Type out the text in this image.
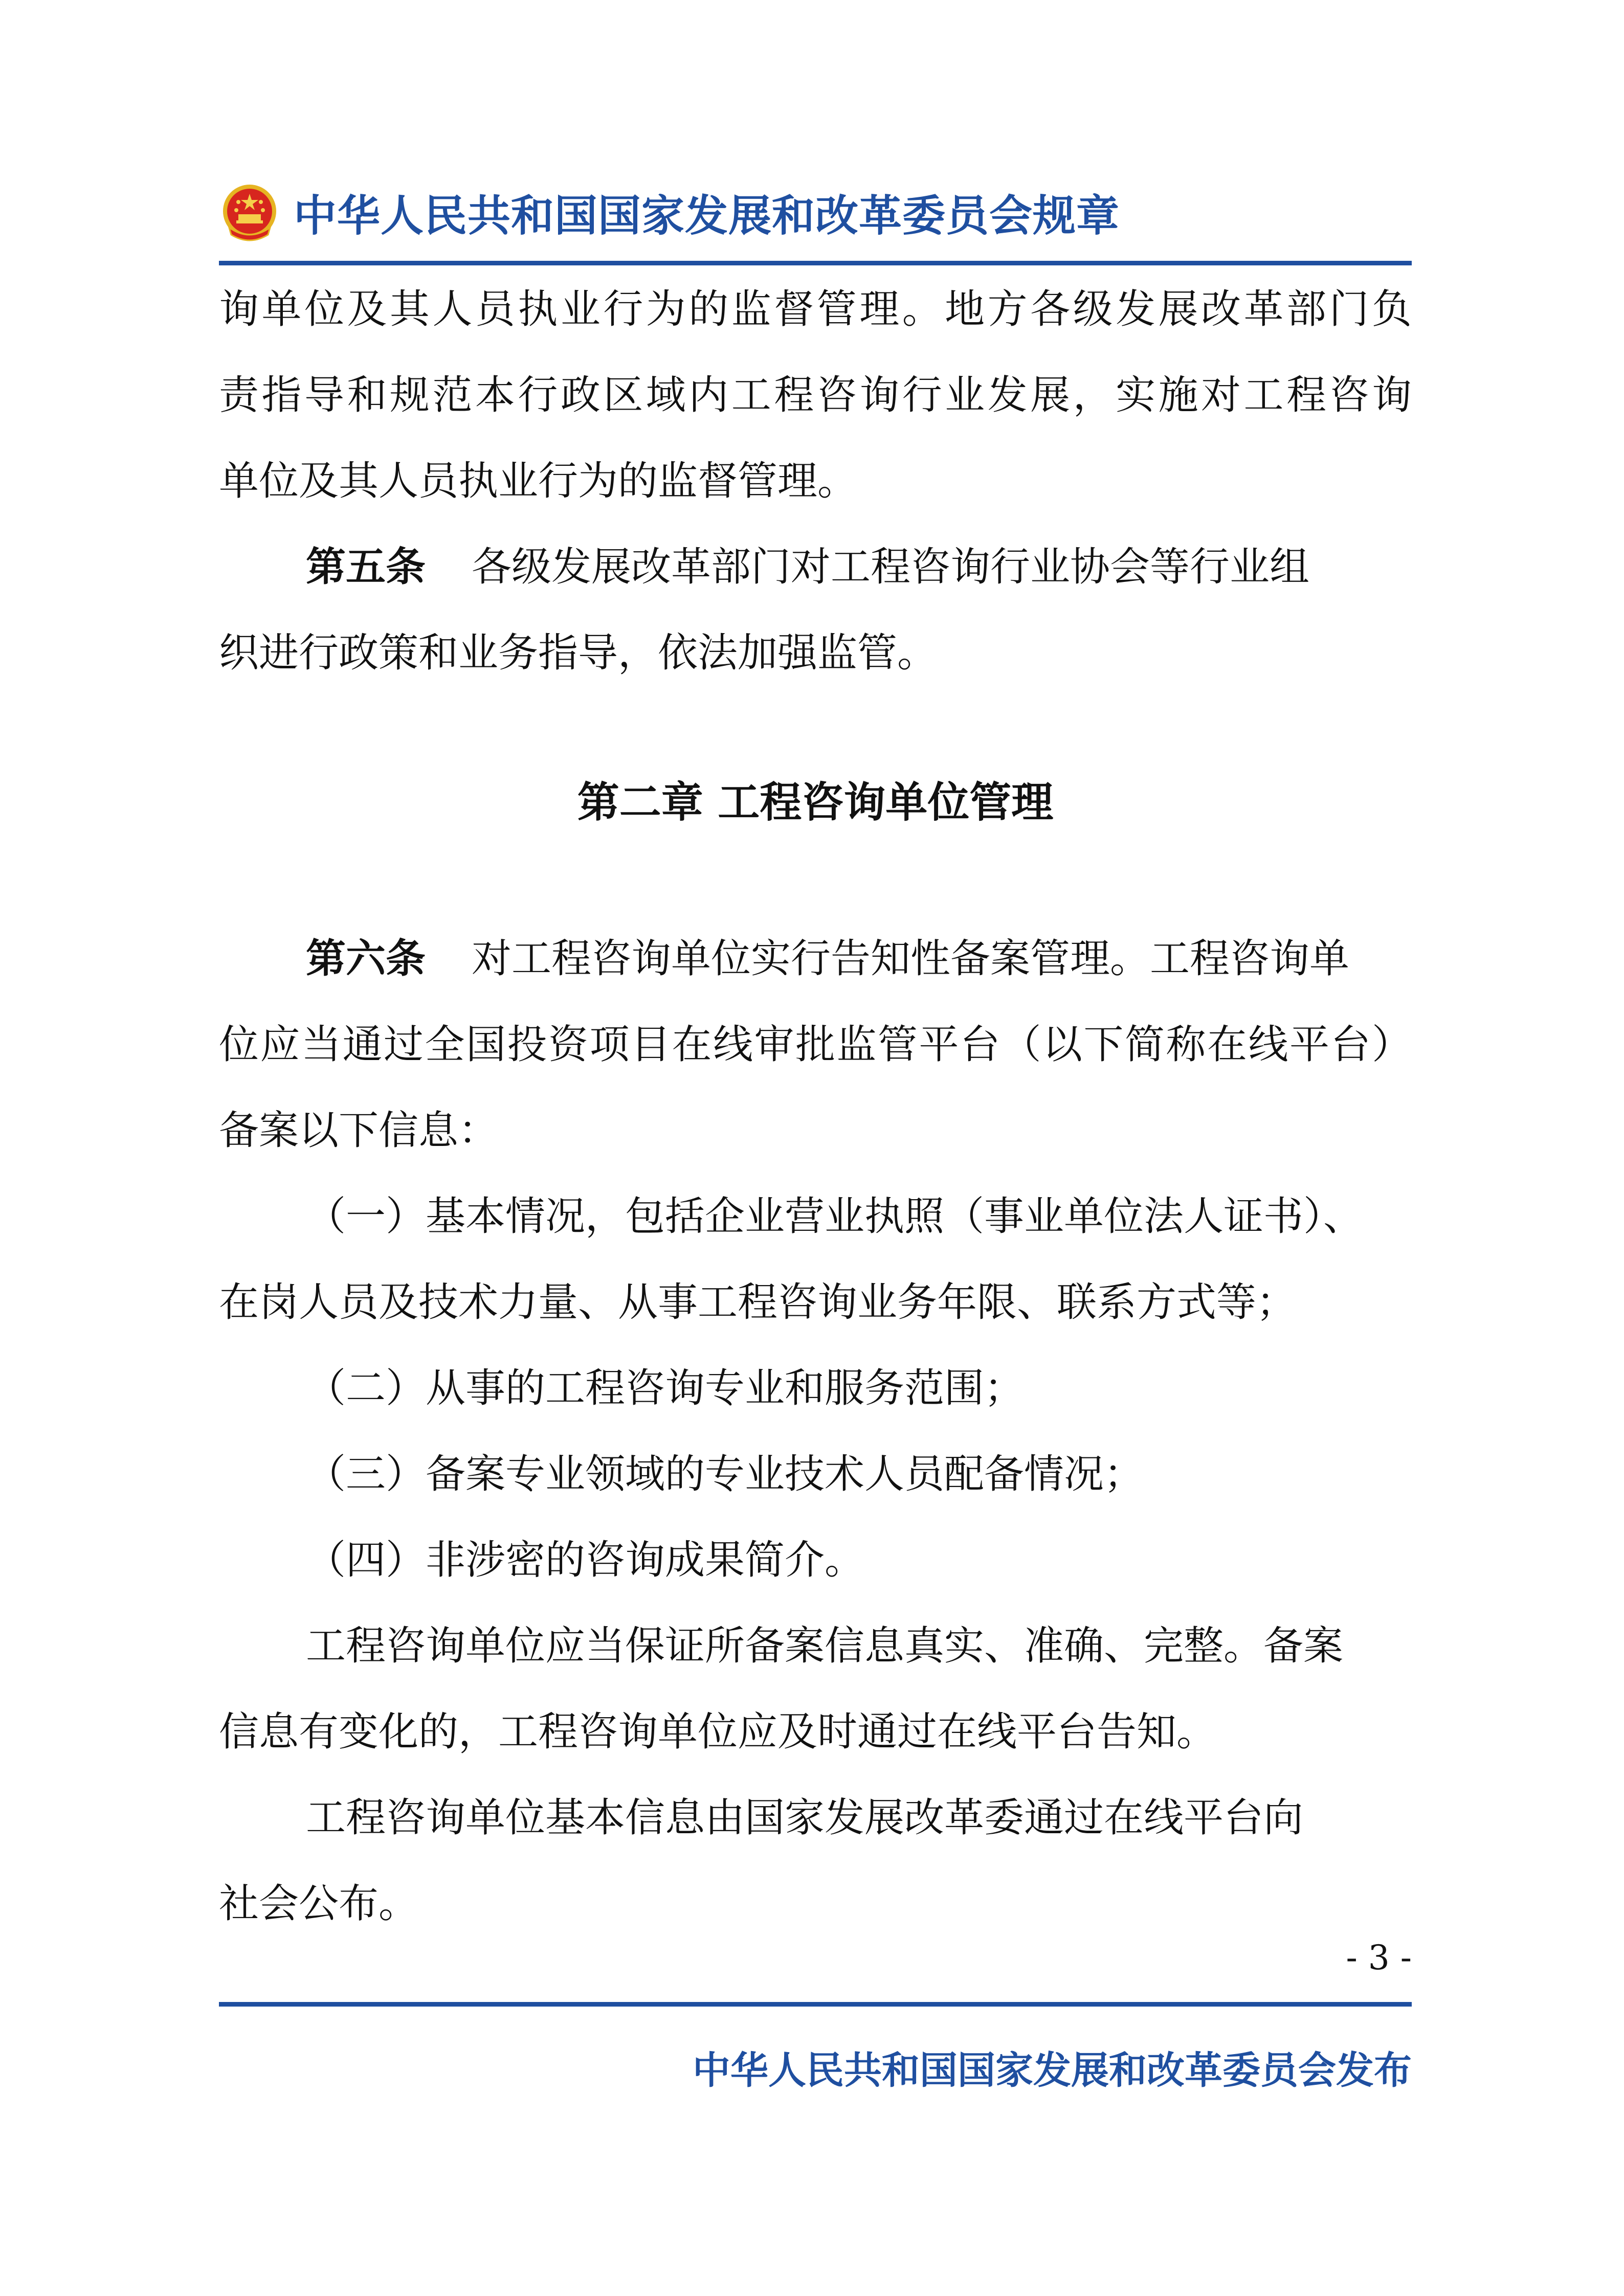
中华人民共和国国家发展和改革委员会规章
询单位及其人员执业行为的监督管理。地方各级发展改革部门负
责指导和规范本行政区域内工程咨询行业发展，实施对工程咨询
单位及其人员执业行为的监督管理。
第五条 各级发展改革部门对工程咨询行业协会等行业组
织进行政策和业务指导，依法加强监管。
第二章 工程咨询单位管理
第六条 对工程咨询单位实行告知性备案管理。工程咨询单
位应当通过全国投资项目在线审批监管平台（以下简称在线平台）
备案以下信息：
（一）基本情况，包括企业营业执照（事业单位法人证书）、
在岗人员及技术力量、从事工程咨询业务年限、联系方式等；
（二）从事的工程咨询专业和服务范围；
（三）备案专业领域的专业技术人员配备情况；
（四）非涉密的咨询成果简介。
工程咨询单位应当保证所备案信息真实、准确、完整。备案
信息有变化的，工程咨询单位应及时通过在线平台告知。
工程咨询单位基本信息由国家发展改革委通过在线平台向
社会公布。
- 3 -
中华人民共和国国家发展和改革委员会发布
